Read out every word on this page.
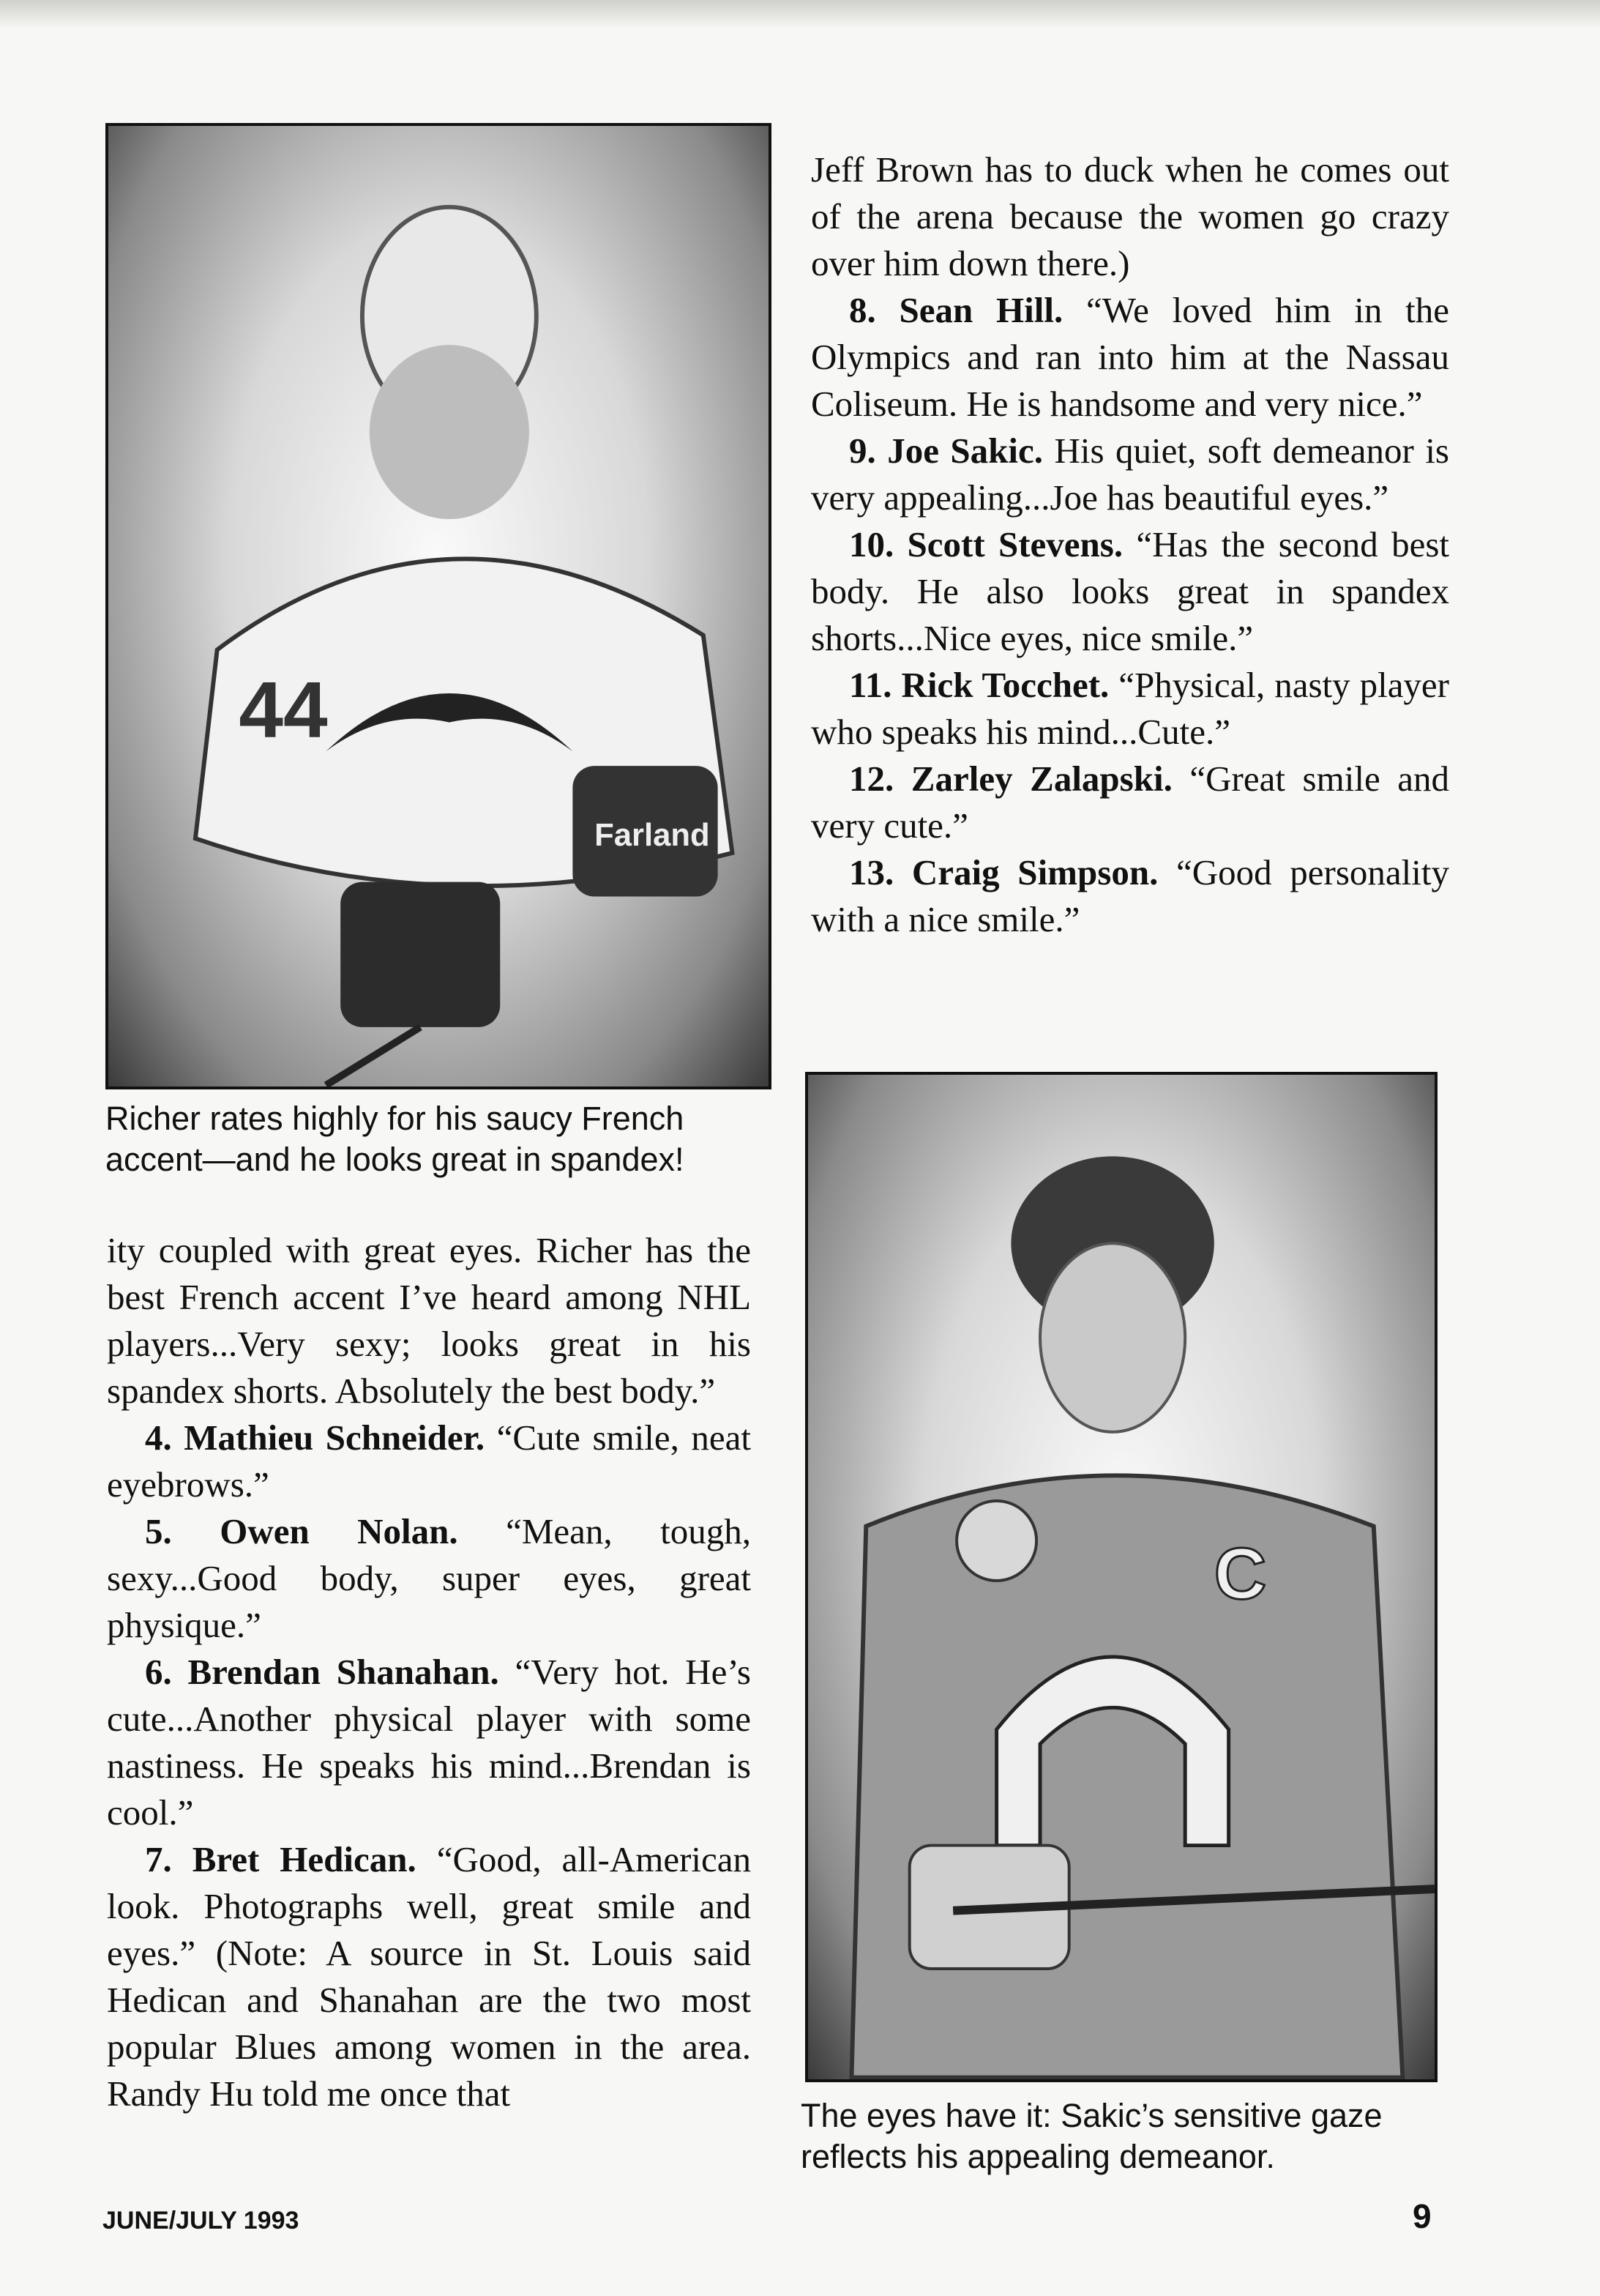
44
Farland
Richer rates highly for his saucy French
accent—and he looks great in spandex!

Jeff Brown has to duck when he comes out of the arena because the women go crazy over him down there.)

8. Sean Hill. “We loved him in the Olympics and ran into him at the Nassau Coliseum. He is handsome and very nice.”

9. Joe Sakic. His quiet, soft demeanor is very appealing...Joe has beautiful eyes.”

10. Scott Stevens. “Has the second best body. He also looks great in spandex shorts...Nice eyes, nice smile.”

11. Rick Tocchet. “Physical, nasty player who speaks his mind...Cute.”

12. Zarley Zalapski. “Great smile and very cute.”

13. Craig Simpson. “Good personality with a nice smile.”

C
The eyes have it: Sakic’s sensitive gaze
reflects his appealing demeanor.

ity coupled with great eyes. Richer has the best French accent I’ve heard among NHL players...Very sexy; looks great in his spandex shorts. Absolutely the best body.”

4. Mathieu Schneider. “Cute smile, neat eyebrows.”

5. Owen Nolan. “Mean, tough, sexy...Good body, super eyes, great physique.”

6. Brendan Shanahan. “Very hot. He’s cute...Another physical player with some nastiness. He speaks his mind...Brendan is cool.”

7. Bret Hedican. “Good, all-American look. Photographs well, great smile and eyes.” (Note: A source in St. Louis said Hedican and Shanahan are the two most popular Blues among women in the area. Randy Hu told me once that

JUNE/JULY 1993	9
